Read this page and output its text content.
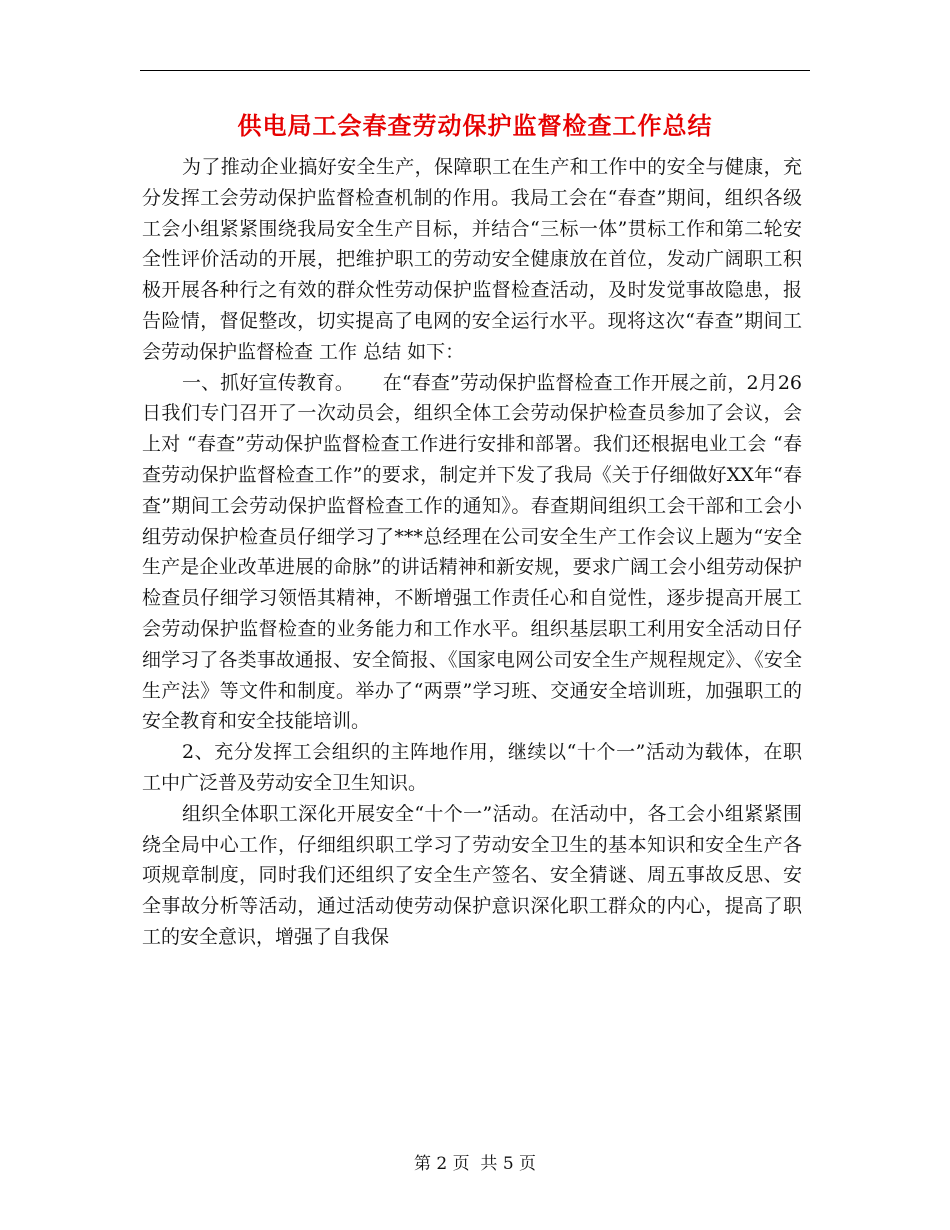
供电局工会春查劳动保护监督检查工作总结

为了推动企业搞好安全生产，保障职工在生产和工作中的安全与健康，充分发挥工会劳动保护监督检查机制的作用。我局工会在“春查”期间，组织各级工会小组紧紧围绕我局安全生产目标，并结合“三标一体”贯标工作和第二轮安全性评价活动的开展，把维护职工的劳动安全健康放在首位，发动广阔职工积极开展各种行之有效的群众性劳动保护监督检查活动，及时发觉事故隐患，报告险情，督促整改，切实提高了电网的安全运行水平。现将这次“春查”期间工会劳动保护监督检查 工作 总结 如下：

一、抓好宣传教育。　　在“春查”劳动保护监督检查工作开展之前，2月26日我们专门召开了一次动员会，组织全体工会劳动保护检查员参加了会议，会上对 “春查”劳动保护监督检查工作进行安排和部署。我们还根据电业工会 “春查劳动保护监督检查工作”的要求，制定并下发了我局《关于仔细做好XX年“春查”期间工会劳动保护监督检查工作的通知》。春查期间组织工会干部和工会小组劳动保护检查员仔细学习了***总经理在公司安全生产工作会议上题为“安全生产是企业改革进展的命脉”的讲话精神和新安规，要求广阔工会小组劳动保护检查员仔细学习领悟其精神，不断增强工作责任心和自觉性，逐步提高开展工会劳动保护监督检查的业务能力和工作水平。组织基层职工利用安全活动日仔细学习了各类事故通报、安全简报、《国家电网公司安全生产规程规定》、《安全生产法》等文件和制度。举办了“两票”学习班、交通安全培训班，加强职工的安全教育和安全技能培训。

2、充分发挥工会组织的主阵地作用，继续以“十个一”活动为载体，在职工中广泛普及劳动安全卫生知识。

组织全体职工深化开展安全“十个一”活动。在活动中，各工会小组紧紧围绕全局中心工作，仔细组织职工学习了劳动安全卫生的基本知识和安全生产各项规章制度，同时我们还组织了安全生产签名、安全猜谜、周五事故反思、安全事故分析等活动，通过活动使劳动保护意识深化职工群众的内心，提高了职工的安全意识，增强了自我保

第 2 页  共 5 页
